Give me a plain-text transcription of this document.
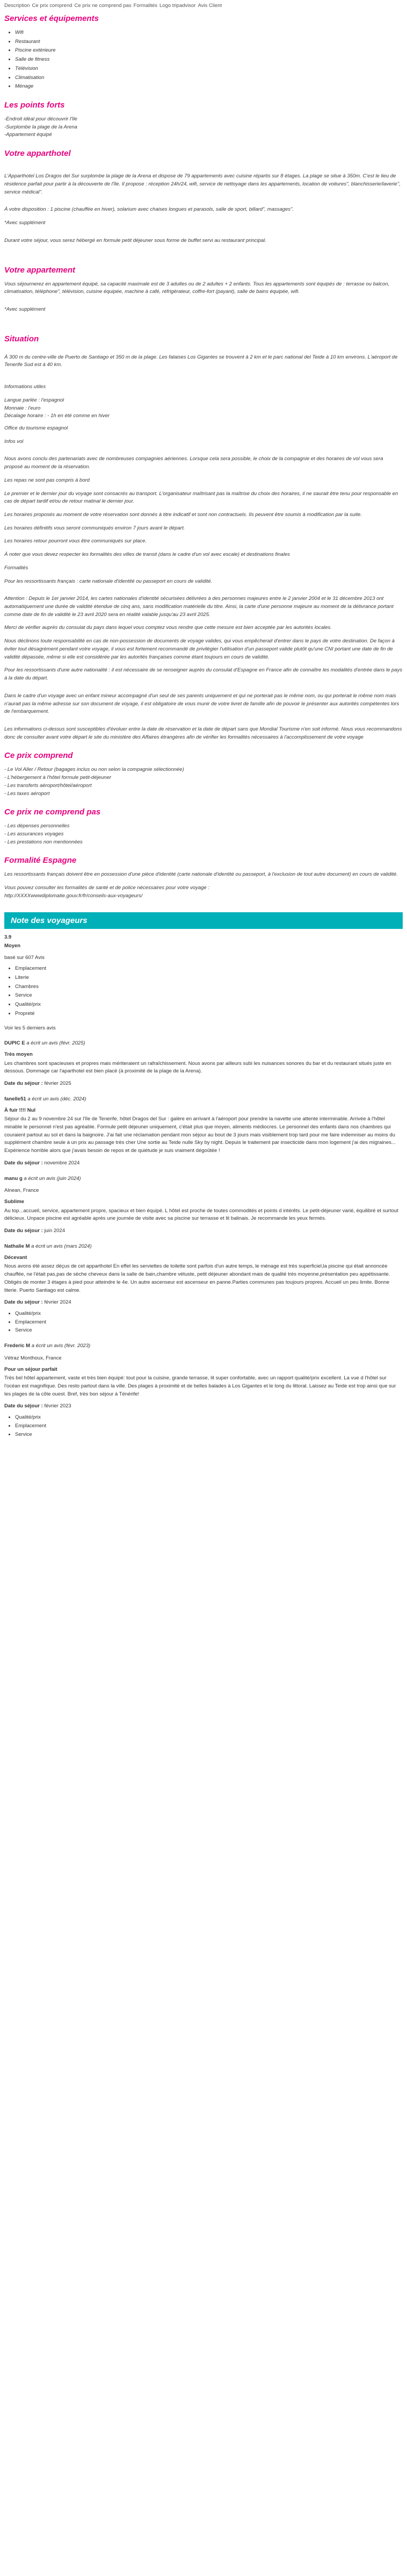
Description Ce prix comprend Ce prix ne comprend pas Formalités Logo tripadvisor Avis Client
Services et équipements
• Wifi
• Restaurant
• Piscine extérieure
• Salle de fitness
• Télévision
• Climatisation
• Ménage
Les points forts
-Endroit idéal pour découvrir l'île
-Surplombe la plage de la Arena
-Appartement équipé
Votre apparthotel

L'Apparthotel Los Dragos del Sur surplombe la plage de la Arena et dispose de 79 appartements avec cuisine répartis sur 8 étages. La plage se situe à 350m. C'est le lieu de résidence parfait pour partir à la découverte de l'île. Il propose : réception 24h/24, wifi, service de nettoyage dans les appartements, location de voitures", blanchisserie/laverie", service médical".

À votre disposition : 1 piscine (chauffée en hiver), solarium avec chaises longues et parasols, salle de sport, billard", massages".

*Avec supplément

Durant votre séjour, vous serez hébergé en formule petit déjeuner sous forme de buffet servi au restaurant principal.

Votre appartement

Vous séjournerez en appartement équipé, sa capacité maximale est de 3 adultes ou de 2 adultes + 2 enfants. Tous les appartements sont équipés de : terrasse ou balcon, climatisation, téléphone", télévision, cuisine équipée, machine à café, réfrigérateur, coffre-fort (payant), salle de bains équipée, wifi.

*Avec supplément

Situation

À 300 m du centre-ville de Puerto de Santiago et 350 m de la plage. Les falaises Los Gigantes se trouvent à 2 km et le parc national del Teide à 10 km environs. L'aéroport de Tenerife Sud est à 40 km.

Informations utiles

Langue parlée : l'espagnol
Monnaie : l'euro
Décalage horaire : - 1h en été comme en hiver

Office du tourisme espagnol

Infos vol

Nous avons conclu des partenariats avec de nombreuses compagnies aériennes. Lorsque cela sera possible, le choix de la compagnie et des horaires de vol vous sera proposé au moment de la réservation.

Les repas ne sont pas compris à bord

Le premier et le dernier jour du voyage sont consacrés au transport. L'organisateur maîtrisant pas la maîtrise du choix des horaires, il ne saurait être tenu pour responsable en cas de départ tardif et/ou de retour matinal le dernier jour.

Les horaires proposés au moment de votre réservation sont donnés à titre indicatif et sont non contractuels. Ils peuvent être soumis à modification par la suite.

Les horaires définitifs vous seront communiqués environ 7 jours avant le départ.

Les horaires retour pourront vous être communiqués sur place.

À noter que vous devez respecter les formalités des villes de transit (dans le cadre d'un vol avec escale) et destinations finales

Formalités

Pour les ressortissants français : carte nationale d'identité ou passeport en cours de validité.

Attention : Depuis le 1er janvier 2014, les cartes nationales d'identité sécurisées délivrées à des personnes majeures entre le 2 janvier 2004 et le 31 décembre 2013 ont automatiquement une durée de validité étendue de cinq ans, sans modification matérielle du titre. Ainsi, la carte d'une personne majeure au moment de la délivrance portant comme date de fin de validité le 23 avril 2020 sera en réalité valable jusqu'au 23 avril 2025.

Merci de vérifier auprès du consulat du pays dans lequel vous comptez vous rendre que cette mesure est bien acceptée par les autorités locales.

Nous déclinons toute responsabilité en cas de non-possession de documents de voyage valides, qui vous empêcherait d'entrer dans le pays de votre destination. De façon à éviter tout désagrément pendant votre voyage, il vous est fortement recommandé de privilégier l'utilisation d'un passeport valide plutôt qu'une CNI portant une date de fin de validité dépassée, même si elle est considérée par les autorités françaises comme étant toujours en cours de validité.

Pour les ressortissants d'une autre nationalité : il est nécessaire de se renseigner auprès du consulat d'Espagne en France afin de connaître les modalités d'entrée dans le pays à la date du départ.

Dans le cadre d'un voyage avec un enfant mineur accompagné d'un seul de ses parents uniquement et qui ne porterait pas le même nom, ou qui porterait le même nom mais n'aurait pas la même adresse sur son document de voyage, il est obligatoire de vous munir de votre livret de famille afin de pouvoir le présenter aux autorités compétentes lors de l'embarquement.

Les informations ci-dessus sont susceptibles d'évoluer entre la date de réservation et la date de départ sans que Mondial Tourisme n'en soit informé. Nous vous recommandons donc de consulter avant votre départ le site du ministère des Affaires étrangères afin de vérifier les formalités nécessaires à l'accomplissement de votre voyage

Ce prix comprend
- Le Vol Aller / Retour (bagages inclus ou non selon la compagnie sélectionnée)
- L'hébergement à l'hôtel formule petit-déjeuner
- Les transferts aéroport/hôtel/aéroport
- Les taxes aéroport
Ce prix ne comprend pas
- Les dépenses personnelles
- Les assurances voyages
- Les prestations non mentionnées
Formalité Espagne

Les ressortissants français doivent être en possession d'une pièce d'identité (carte nationale d'identité ou passeport, à l'exclusion de tout autre document) en cours de validité.

Vous pouvez consulter les formalités de santé et de police nécessaires pour votre voyage :
http://XXXXwwwdiplomatie.gouv.fr/fr/conseils-aux-voyageurs/
Note des voyageurs
3.9
Moyen
basé sur 607 Avis
• Emplacement
• Literie
• Chambres
• Service
• Qualité/prix
• Propreté
Voir les 5 derniers avis
DUPIC E a écrit un avis (févr. 2025)
Très moyen
Les chambres sont spacieuses et propres mais mériteraient un rafraîchissement. Nous avons par ailleurs subi les nuisances sonores du bar et du restaurant situés juste en dessous. Dommage car l'aparthotel est bien placé (à proximité de la plage de la Arena).
Date du séjour : février 2025
fanelle51 a écrit un avis (déc. 2024)
À fuir !!!! Nul
Séjour du 2 au 9 novembre 24 sur l'île de Tenerife, hôtel Dragos del Sur : galère en arrivant à l'aéroport pour prendre la navette une attente interminable. Arrivée à l'hôtel minable le personnel n'est pas agréable. Formule petit déjeuner uniquement, c'était plus que moyen, aliments médiocres. Le personnel des enfants dans nos chambres qui couraient partout au sol et dans la baignoire. J'ai fait une réclamation pendant mon séjour au bout de 3 jours mais visiblement trop tard pour me faire indemniser au moins du supplément chambre seule à un prix au passage très cher Une sortie au Teide nulle Sky by night. Depuis le traitement par insecticide dans mon logement j'ai des migraines... Expérience horrible alors que j'avais besoin de repos et de quiétude je suis vraiment dégoûtée !
Date du séjour : novembre 2024
manu g a écrit un avis (juin 2024)
Alnean, France
Sublime
Au top...accueil, service, appartement propre, spacieux et bien équipé. L hôtel est proche de toutes commodités et points d intérêts. Le petit-déjeuner varié, équilibré et surtout délicieux. Unpace piscine est agréable après une journée de visite avec sa piscine sur terrasse et lit balinais. Je recommande les yeux fermés.
Date du séjour : juin 2024
Nathalie M a écrit un avis (mars 2024)
Décevant
Nous avons été assez déçus de cet apparthotel En effet les serviettes de toilette sont parfois d'un autre temps, le ménage est très superficiel,la piscine qui était annoncée chauffée, ne l'était pas,pas de sèche cheveux dans la salle de bain,chambre vétuste, petit déjeuner abondant mais de qualité très moyenne,présentation peu appétissante. Obligés de monter 3 étages à pied pour atteindre le 4e. Un autre ascenseur est ascenseur en panne.Parties communes pas toujours propres. Accueil un peu limite. Bonne literie. Puerto Santiago est calme.
Date du séjour : février 2024
• Qualité/prix
• Emplacement
• Service
Frederic M a écrit un avis (févr. 2023)
Vétraz Monthoux, France
Pour un séjour parfait
Très bel hôtel appartement, vaste et très bien équipé: tout pour la cuisine, grande terrasse, lit super confortable, avec un rapport qualité/prix excellent. La vue d l'hôtel sur l'océan est magnifique. Des resto partout dans la ville. Des plages à proximité et de belles balades à Los Gigantes et le long du littoral. Laissez au Teide est trop ainsi que sur les plages de la côte ouest. Bref, très bon séjour à Ténérife!
Date du séjour : février 2023
• Qualité/prix
• Emplacement
• Service
